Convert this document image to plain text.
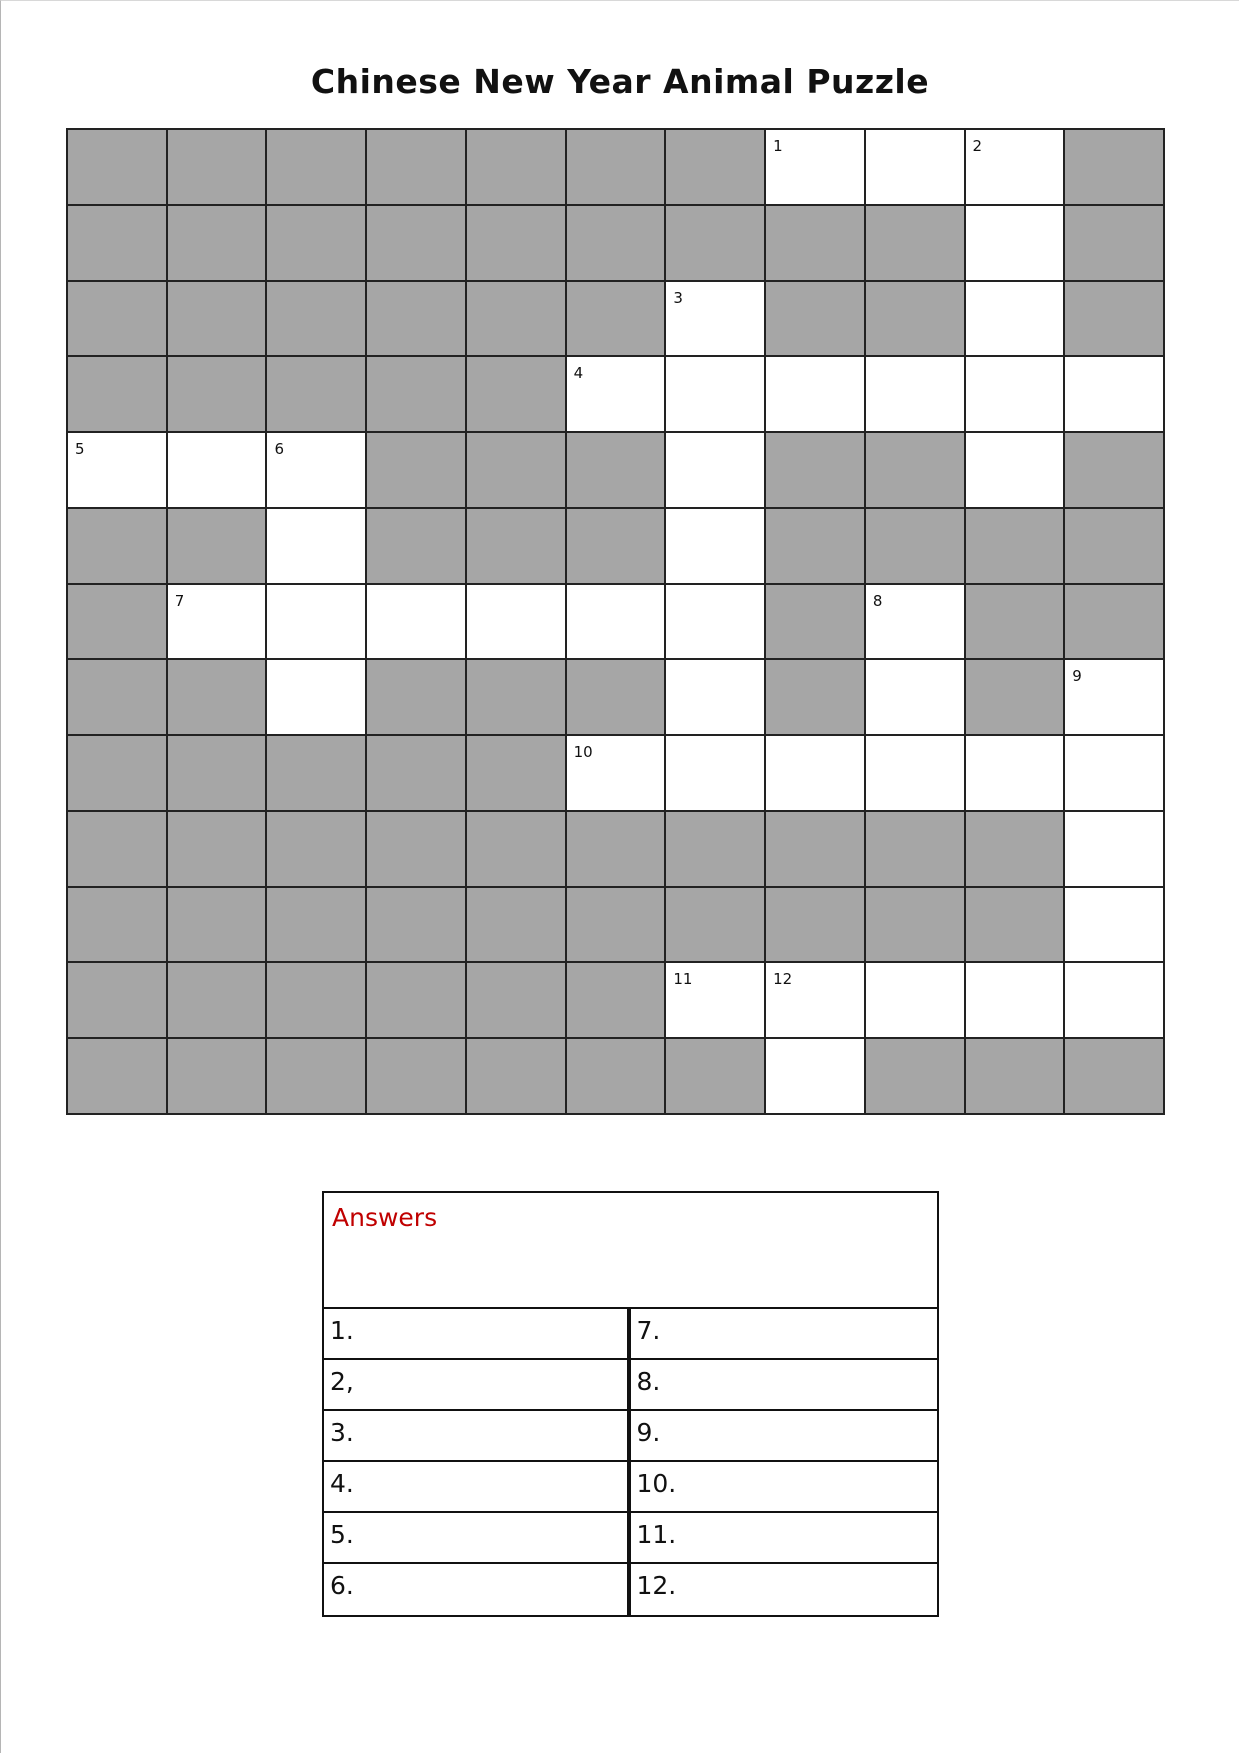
Chinese New Year Animal Puzzle
1	2
3
4
5	6
7	8
9
10
11	12
Answers
1.	7.
2,	8.
3.	9.
4.	10.
5.	11.
6.	12.
